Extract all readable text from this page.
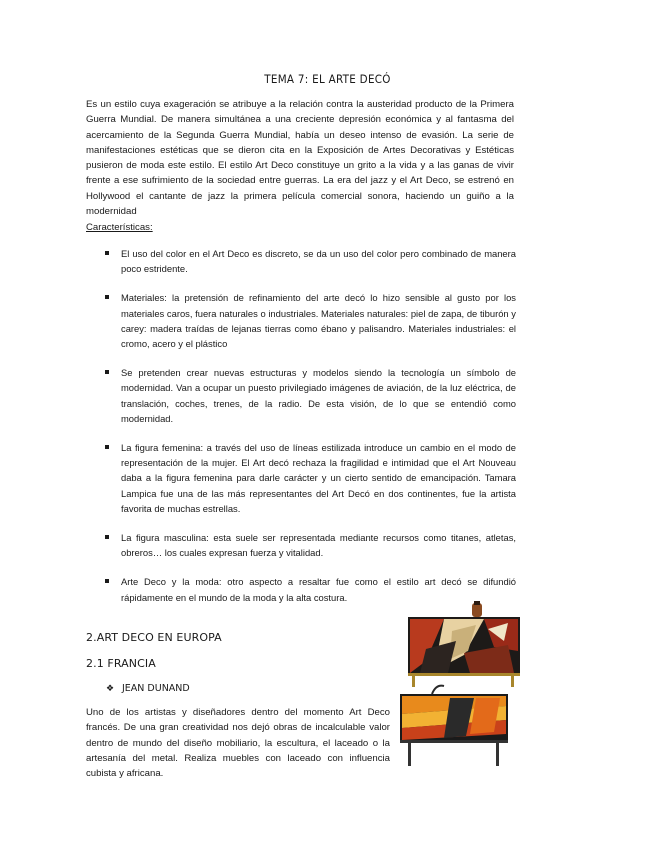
TEMA 7: EL ARTE DECÓ

Es un estilo cuya exageración se atribuye a la relación contra la austeridad producto de la Primera Guerra Mundial. De manera simultánea a una creciente depresión económica y al fantasma del acercamiento de la Segunda Guerra Mundial, había un deseo intenso de evasión. La serie de manifestaciones estéticas que se dieron cita en la Exposición de Artes Decorativas y Estéticas pusieron de moda este estilo. El estilo Art Deco constituye un grito a la vida y a las ganas de vivir frente a ese sufrimiento de la sociedad entre guerras. La era del jazz y el Art Deco, se estrenó en Hollywood el cantante de jazz la primera película comercial sonora, haciendo un guiño a la modernidad

Características:
El uso del color en el Art Deco es discreto, se da un uso del color pero combinado de manera poco estridente.
Materiales: la pretensión de refinamiento del arte decó lo hizo sensible al gusto por los materiales caros, fuera naturales o industriales. Materiales naturales: piel de zapa, de tiburón y carey: madera traídas de lejanas tierras como ébano y palisandro. Materiales industriales: el cromo, acero y el plástico
Se pretenden crear nuevas estructuras y modelos siendo la tecnología un símbolo de modernidad. Van a ocupar un puesto privilegiado imágenes de aviación, de la luz eléctrica, de translación, coches, trenes, de la radio. De esta visión, de lo que se entendió como modernidad.
La figura femenina: a través del uso de líneas estilizada introduce un cambio en el modo de representación de la mujer. El Art decó rechaza la fragilidad e intimidad que el Art Nouveau daba a la figura femenina para darle carácter y un cierto sentido de emancipación. Tamara Lampica fue una de las más representantes del Art Decó en dos continentes, fue la artista favorita de muchas estrellas.
La figura masculina: esta suele ser representada mediante recursos como titanes, atletas, obreros… los cuales expresan fuerza y vitalidad.
Arte Deco y la moda: otro aspecto a resaltar fue como el estilo art decó se difundió rápidamente en el mundo de la moda y la alta costura.
2.ART DECO EN EUROPA
2.1 FRANCIA
❖ JEAN DUNAND

Uno de los artistas y diseñadores dentro del momento Art Deco francés. De una gran creatividad nos dejó obras de incalculable valor dentro de mundo del diseño mobiliario, la escultura, el laceado o la artesanía del metal. Realiza muebles con laceado con influencia cubista y africana.
